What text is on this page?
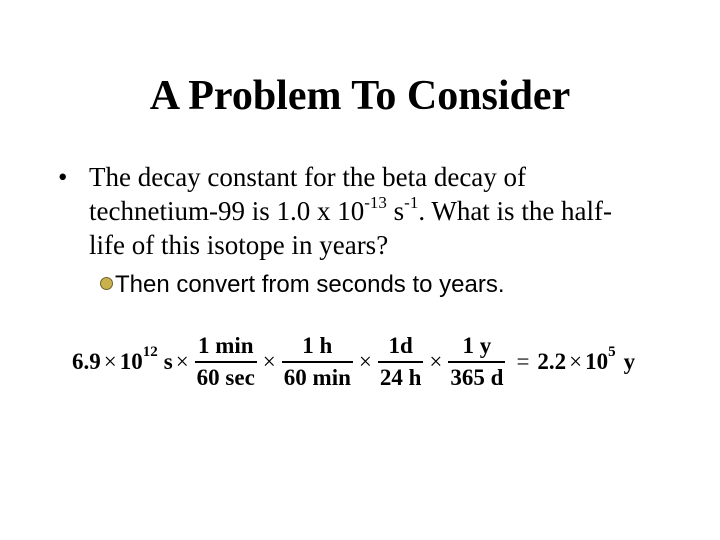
A Problem To Consider
• The decay constant for the beta decay of
technetium-99 is 1.0 x $10^{-13}$ $s^{-1}$. What is the half-
life of this isotope in years?
Then convert from seconds to years.
6.9 × 10 12 $s \times \frac{1 \min}{60 \sec} \times \frac{1 h}{60 \min} \times \frac{1d}{24 h} \times \frac{1 y}{365 d} = 2.2 \times 10$ 5 y
